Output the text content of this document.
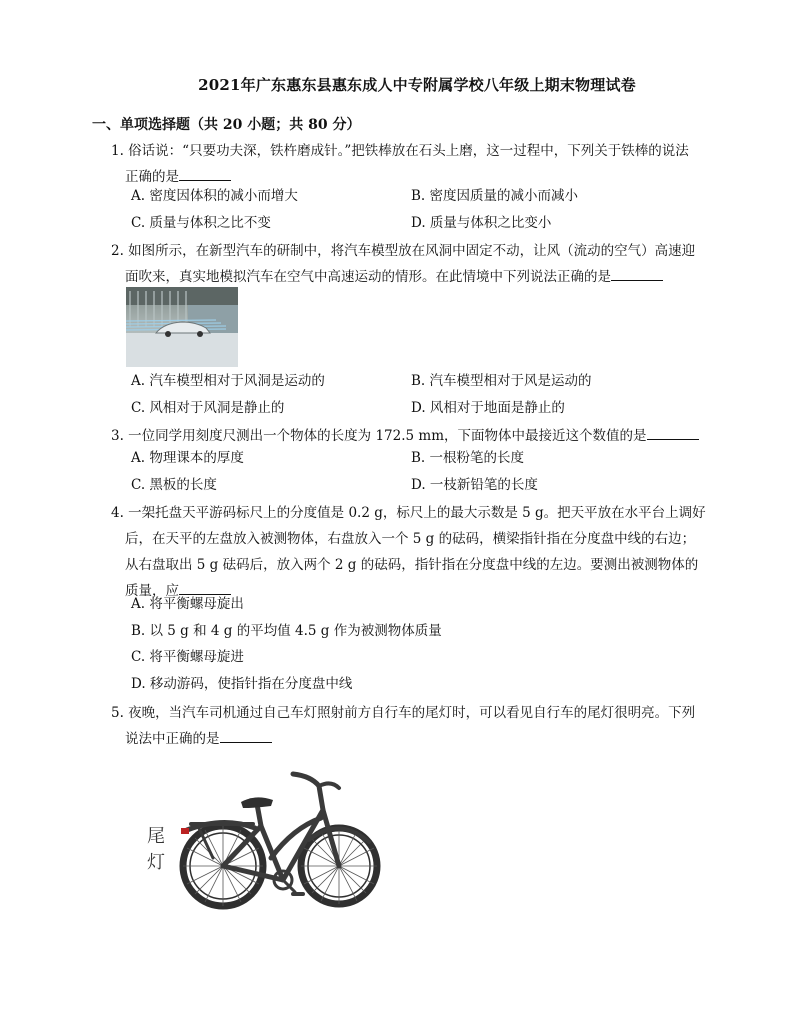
2021年广东惠东县惠东成人中专附属学校八年级上期末物理试卷
一、单项选择题（共 20 小题；共 80 分）
1. 俗话说：“只要功夫深，铁杵磨成针。”把铁棒放在石头上磨，这一过程中，下列关于铁棒的说法
正确的是
A. 密度因体积的减小而增大	B. 密度因质量的减小而减小
C. 质量与体积之比不变	D. 质量与体积之比变小
2. 如图所示，在新型汽车的研制中，将汽车模型放在风洞中固定不动，让风（流动的空气）高速迎
面吹来，真实地模拟汽车在空气中高速运动的情形。在此情境中下列说法正确的是
A. 汽车模型相对于风洞是运动的	B. 汽车模型相对于风是运动的
C. 风相对于风洞是静止的	D. 风相对于地面是静止的
3. 一位同学用刻度尺测出一个物体的长度为 172.5 mm，下面物体中最接近这个数值的是
A. 物理课本的厚度	B. 一根粉笔的长度
C. 黑板的长度	D. 一枝新铅笔的长度
4. 一架托盘天平游码标尺上的分度值是 0.2 g，标尺上的最大示数是 5 g。把天平放在水平台上调好
后，在天平的左盘放入被测物体，右盘放入一个 5 g 的砝码，横梁指针指在分度盘中线的右边；
从右盘取出 5 g 砝码后，放入两个 2 g 的砝码，指针指在分度盘中线的左边。要测出被测物体的
质量，应
A. 将平衡螺母旋出
B. 以 5 g 和 4 g 的平均值 4.5 g 作为被测物体质量
C. 将平衡螺母旋进
D. 移动游码，使指针指在分度盘中线
5. 夜晚，当汽车司机通过自己车灯照射前方自行车的尾灯时，可以看见自行车的尾灯很明亮。下列
说法中正确的是
尾
灯
